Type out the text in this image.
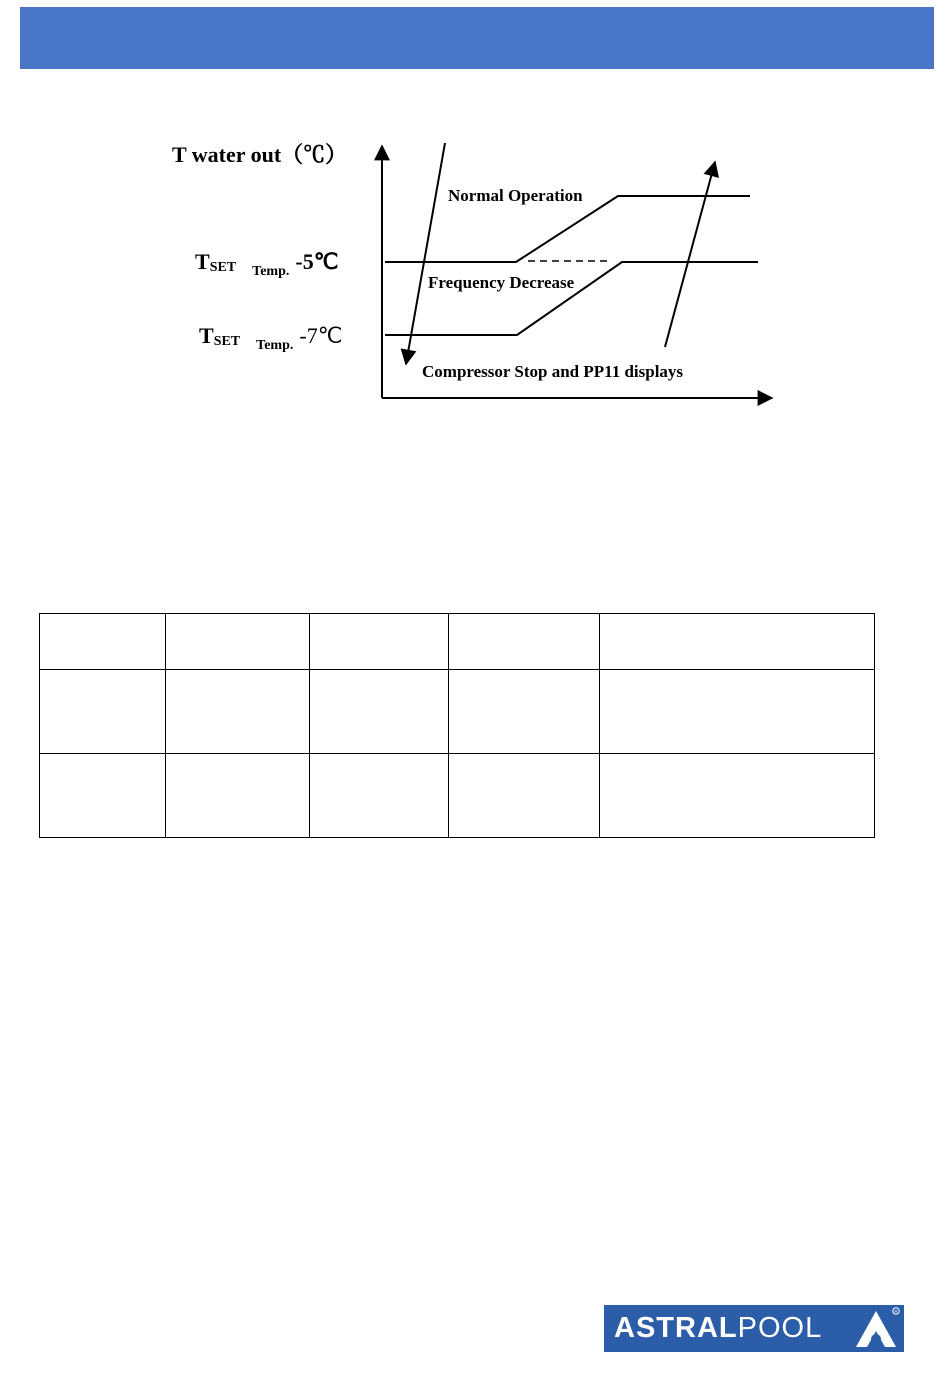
T water out（℃）
TSET Temp. -5℃
TSET Temp. -7℃
Normal Operation
Frequency Decrease
Compressor Stop and PP11 displays

ASTRALPOOL
R
